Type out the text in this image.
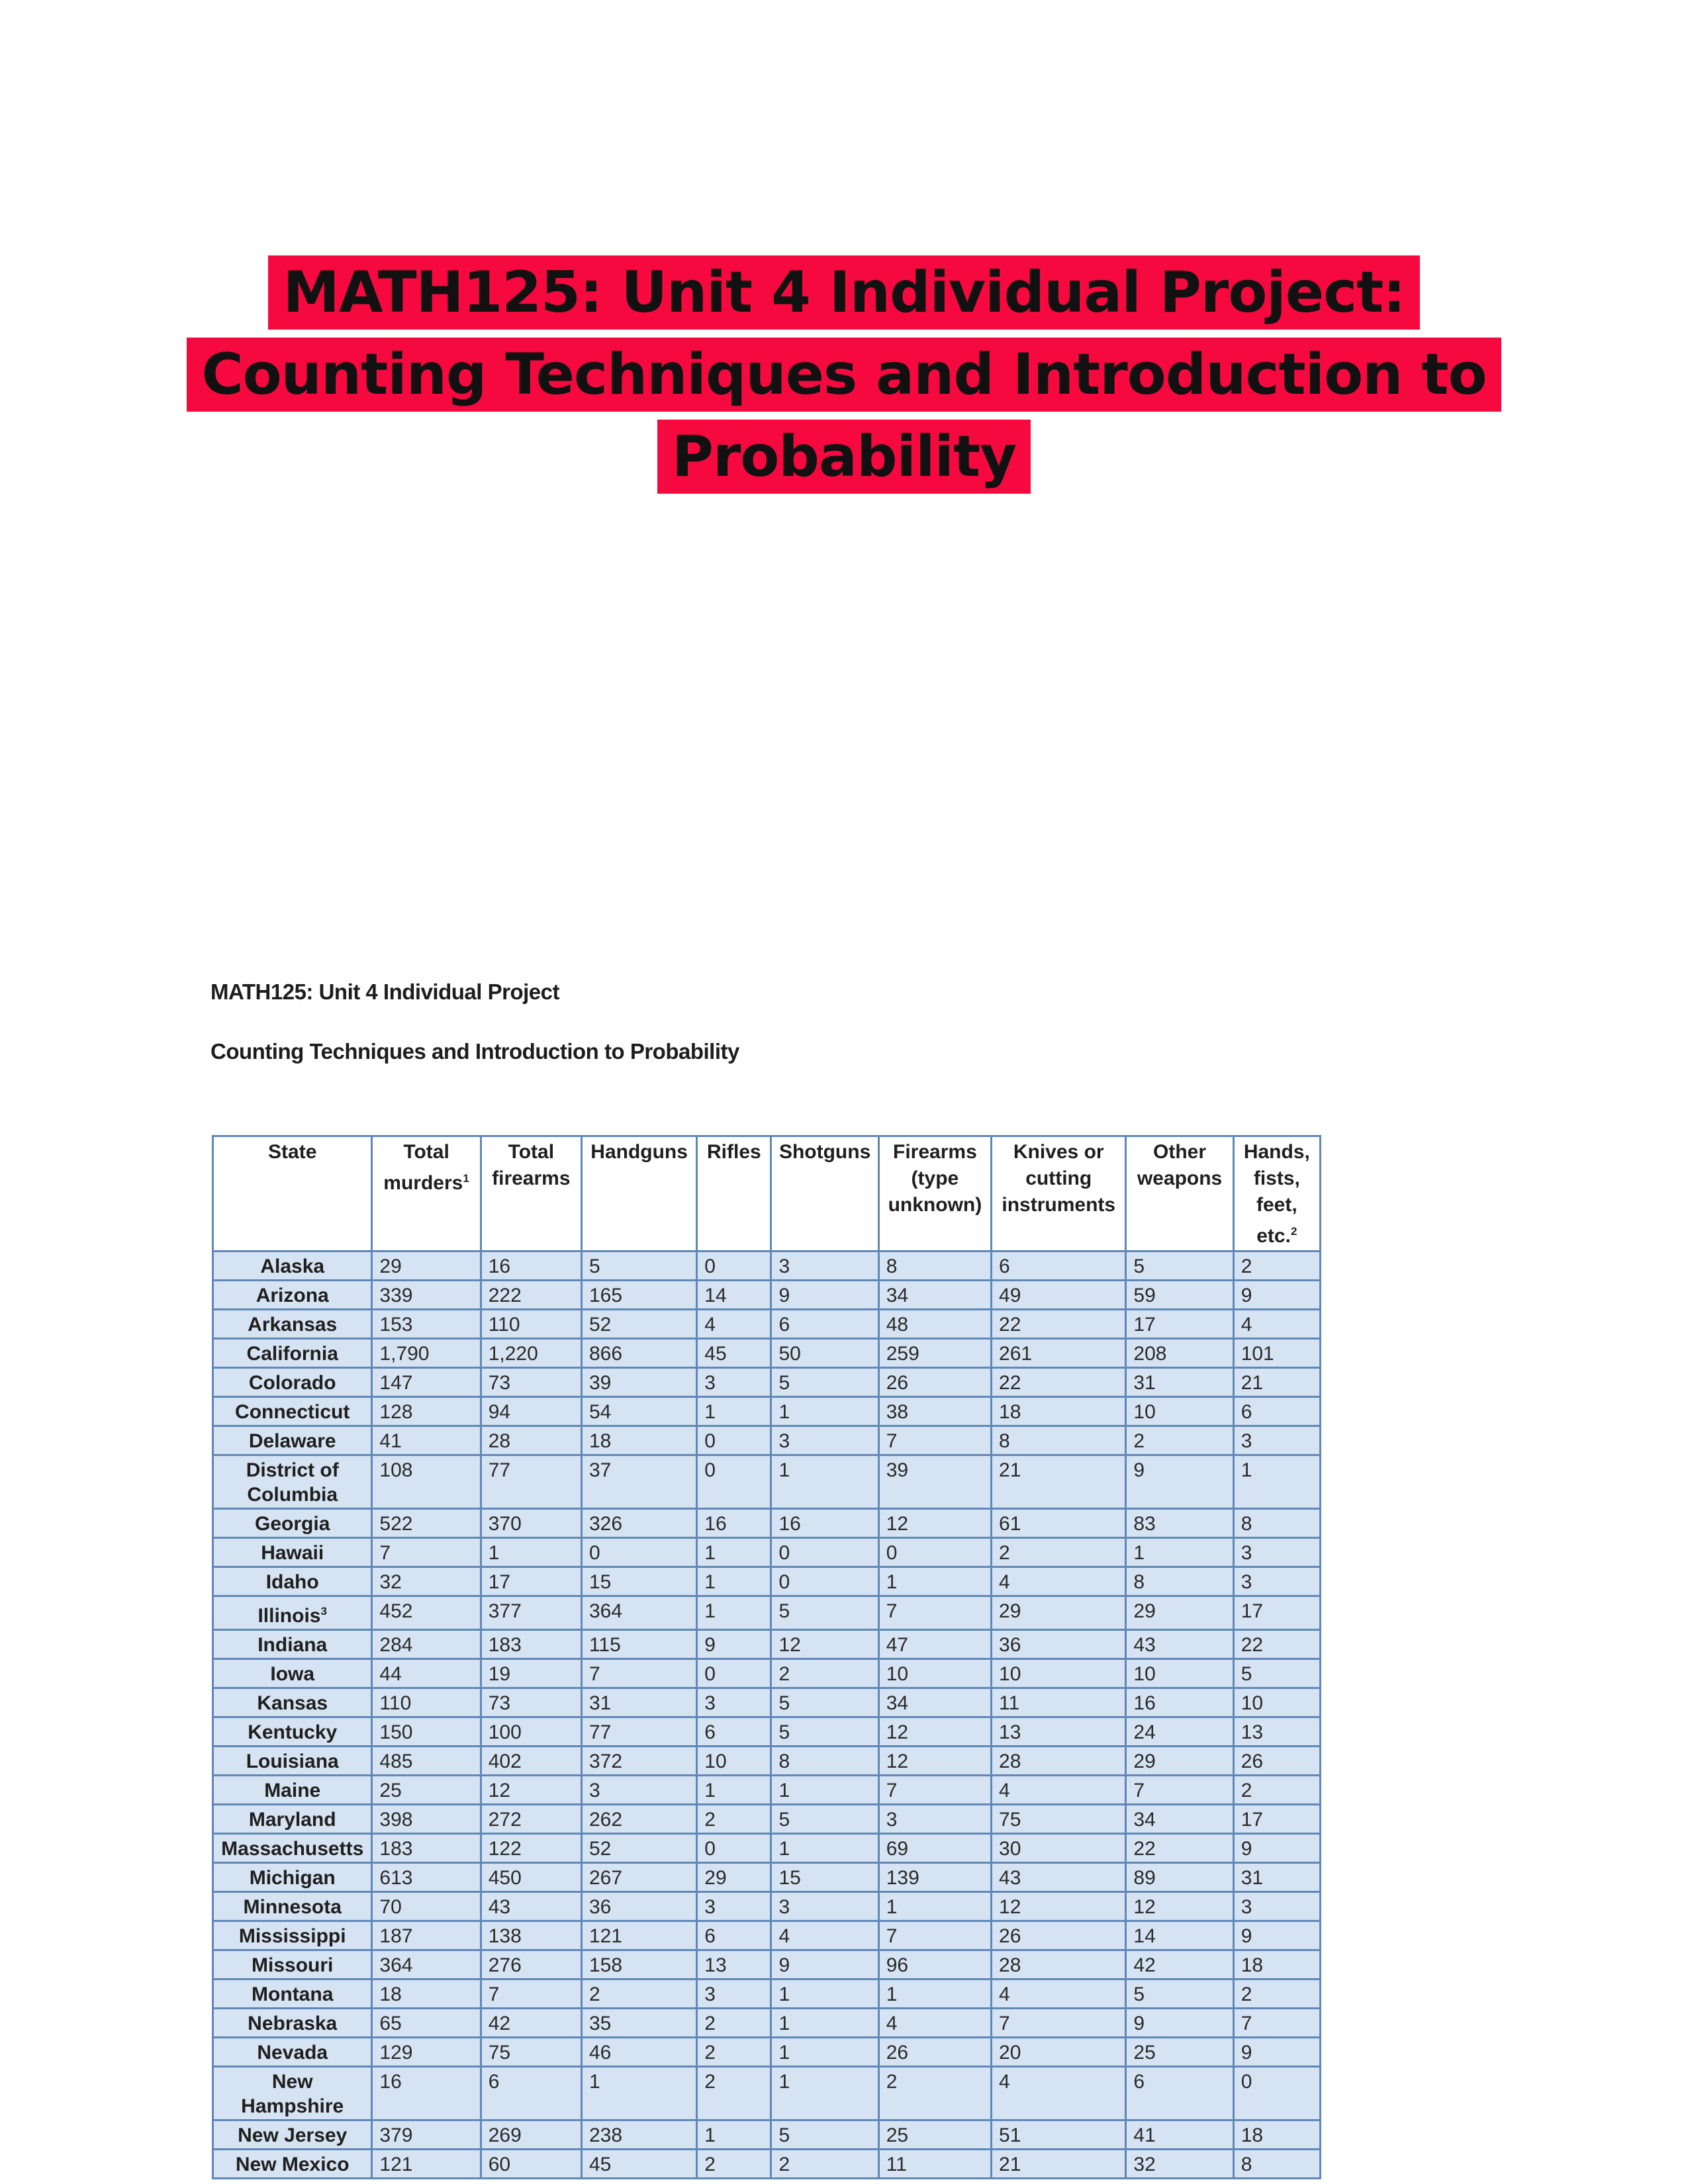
MATH125: Unit 4 Individual Project:
Counting Techniques and Introduction to
Probability
MATH125: Unit 4 Individual Project
Counting Techniques and Introduction to Probability
State	Total murders$^1$	Total firearms	Handguns	Rifles	Shotguns	Firearms (type unknown)	Knives or cutting instruments	Other weapons	Hands, fists, feet, etc.$^2$
Alaska	29	16	5	0	3	8	6	5	2
Arizona	339	222	165	14	9	34	49	59	9
Arkansas	153	110	52	4	6	48	22	17	4
California	1,790	1,220	866	45	50	259	261	208	101
Colorado	147	73	39	3	5	26	22	31	21
Connecticut	128	94	54	1	1	38	18	10	6
Delaware	41	28	18	0	3	7	8	2	3
District of Columbia	108	77	37	0	1	39	21	9	1
Georgia	522	370	326	16	16	12	61	83	8
Hawaii	7	1	0	1	0	0	2	1	3
Idaho	32	17	15	1	0	1	4	8	3
Illinois$^3$	452	377	364	1	5	7	29	29	17
Indiana	284	183	115	9	12	47	36	43	22
Iowa	44	19	7	0	2	10	10	10	5
Kansas	110	73	31	3	5	34	11	16	10
Kentucky	150	100	77	6	5	12	13	24	13
Louisiana	485	402	372	10	8	12	28	29	26
Maine	25	12	3	1	1	7	4	7	2
Maryland	398	272	262	2	5	3	75	34	17
Massachusetts	183	122	52	0	1	69	30	22	9
Michigan	613	450	267	29	15	139	43	89	31
Minnesota	70	43	36	3	3	1	12	12	3
Mississippi	187	138	121	6	4	7	26	14	9
Missouri	364	276	158	13	9	96	28	42	18
Montana	18	7	2	3	1	1	4	5	2
Nebraska	65	42	35	2	1	4	7	9	7
Nevada	129	75	46	2	1	26	20	25	9
New Hampshire	16	6	1	2	1	2	4	6	0
New Jersey	379	269	238	1	5	25	51	41	18
New Mexico	121	60	45	2	2	11	21	32	8
